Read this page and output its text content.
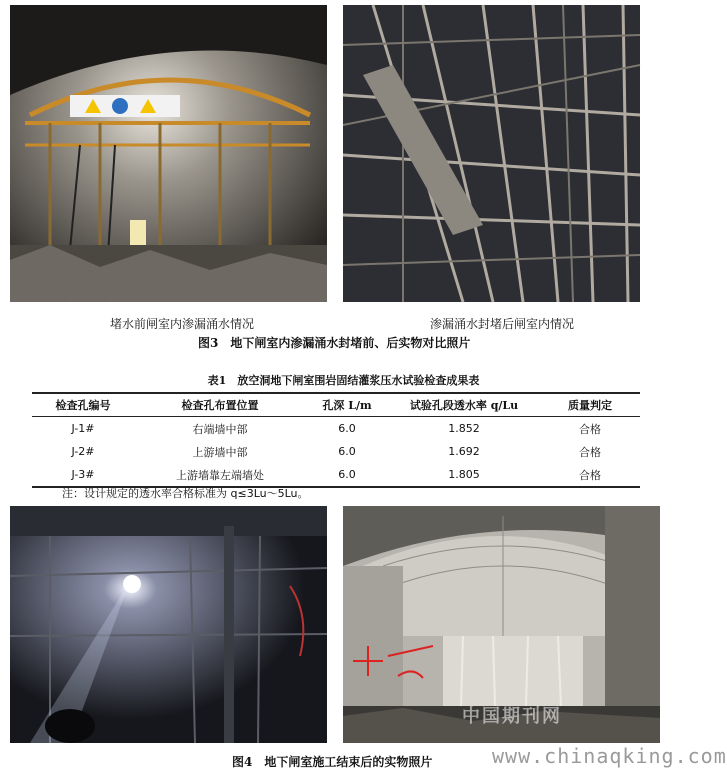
堵水前闸室内渗漏涌水情况	渗漏涌水封堵后闸室内情况
图3　地下闸室内渗漏涌水封堵前、后实物对比照片
表1　放空洞地下闸室围岩固结灌浆压水试验检查成果表
检查孔编号	检查孔布置位置	孔深 L/m	试验孔段透水率 q/Lu	质量判定
J-1#	右端墙中部	6.0	1.852	合格
J-2#	上游墙中部	6.0	1.692	合格
J-3#	上游墙靠左端墙处	6.0	1.805	合格
注：设计规定的透水率合格标准为 q≤3Lu～5Lu。
中国期刊网
图4　地下闸室施工结束后的实物照片	www.chinaqking.com
